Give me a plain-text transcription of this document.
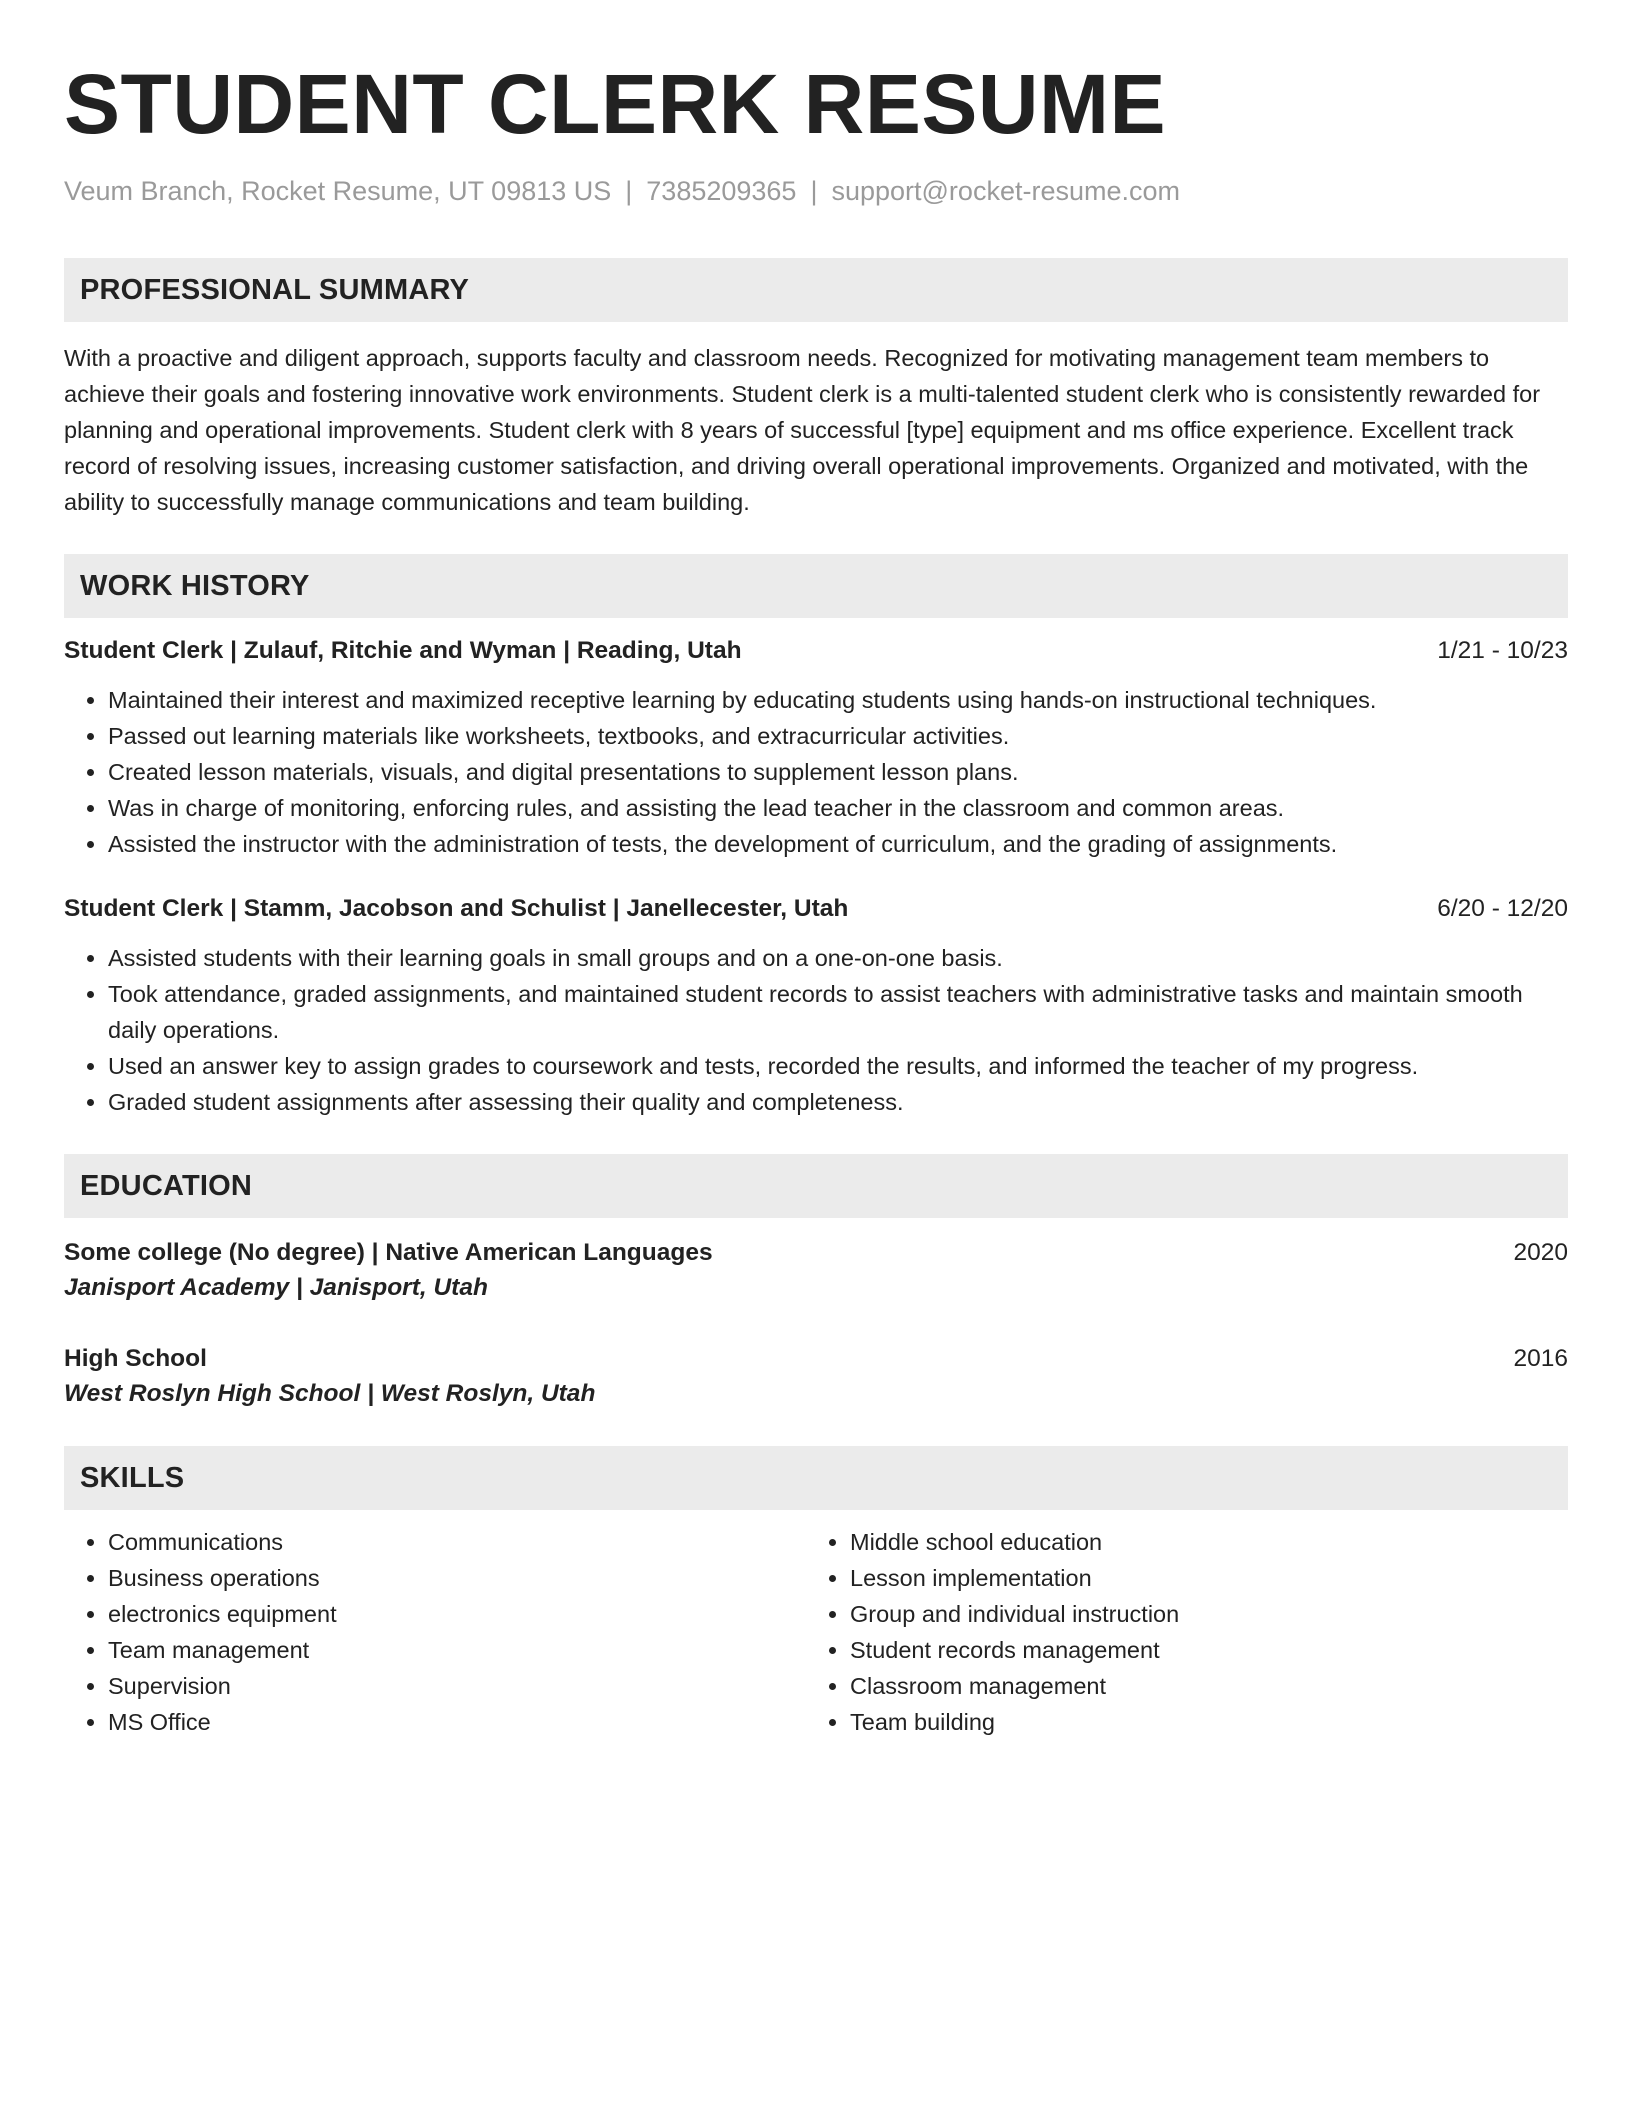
STUDENT CLERK RESUME
Veum Branch, Rocket Resume, UT 09813 US | 7385209365 | support@rocket-resume.com
PROFESSIONAL SUMMARY

With a proactive and diligent approach, supports faculty and classroom needs. Recognized for motivating management team members to achieve their goals and fostering innovative work environments. Student clerk is a multi-talented student clerk who is consistently rewarded for planning and operational improvements. Student clerk with 8 years of successful [type] equipment and ms office experience. Excellent track record of resolving issues, increasing customer satisfaction, and driving overall operational improvements. Organized and motivated, with the ability to successfully manage communications and team building.

WORK HISTORY
Student Clerk | Zulauf, Ritchie and Wyman | Reading, Utah	1/21 - 10/23
• Maintained their interest and maximized receptive learning by educating students using hands-on instructional techniques.
• Passed out learning materials like worksheets, textbooks, and extracurricular activities.
• Created lesson materials, visuals, and digital presentations to supplement lesson plans.
• Was in charge of monitoring, enforcing rules, and assisting the lead teacher in the classroom and common areas.
• Assisted the instructor with the administration of tests, the development of curriculum, and the grading of assignments.
Student Clerk | Stamm, Jacobson and Schulist | Janellecester, Utah	6/20 - 12/20
• Assisted students with their learning goals in small groups and on a one-on-one basis.
• Took attendance, graded assignments, and maintained student records to assist teachers with administrative tasks and maintain smooth daily operations.
• Used an answer key to assign grades to coursework and tests, recorded the results, and informed the teacher of my progress.
• Graded student assignments after assessing their quality and completeness.
EDUCATION
Some college (No degree) | Native American Languages	2020
Janisport Academy | Janisport, Utah
High School	2016
West Roslyn High School | West Roslyn, Utah
SKILLS
• Communications
• Business operations
• electronics equipment
• Team management
• Supervision
• MS Office
• Middle school education
• Lesson implementation
• Group and individual instruction
• Student records management
• Classroom management
• Team building
